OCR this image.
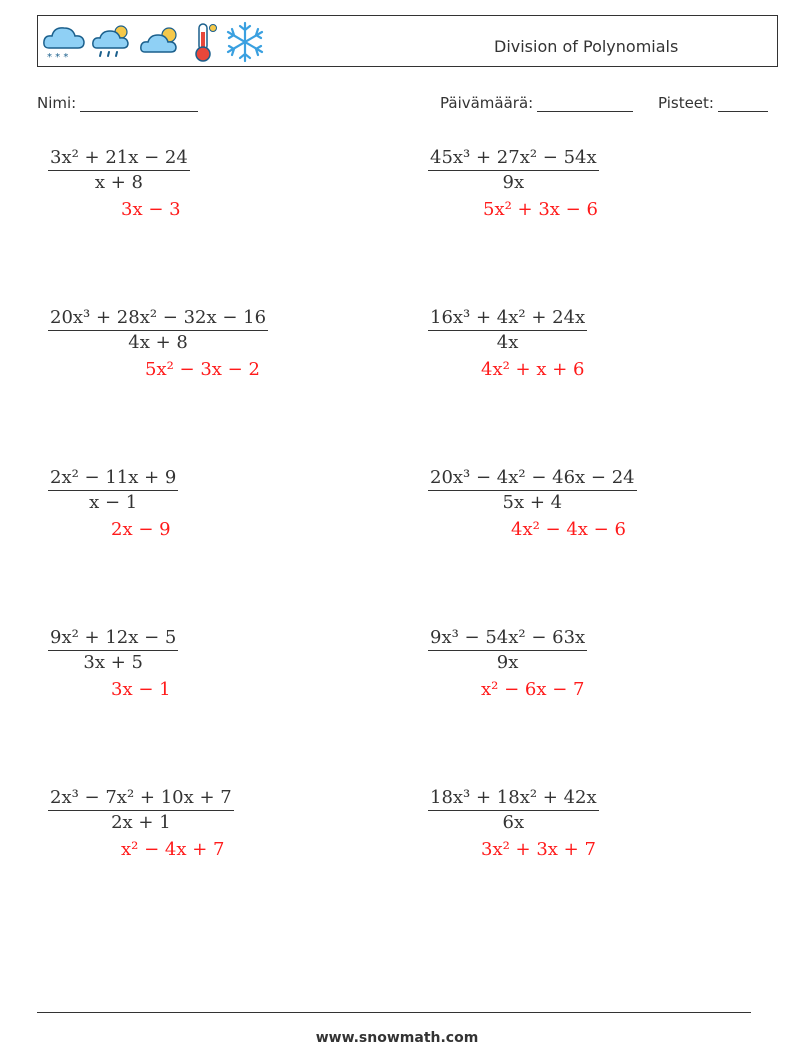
* * *
Division of Polynomials
Nimi:	Päivämäärä:	Pisteet:
$\frac{\text{3x² + 21x − 24}}{x + 8}$
3x − 3
$\frac{\text{45x³ + 27x² − 54x}}{9x}$
5x² + 3x − 6
$\frac{\text{20x³ + 28x² − 32x − 16}}{4x + 8}$
5x² − 3x − 2
$\frac{\text{16x³ + 4x² + 24x}}{4x}$
4x² + x + 6
$\frac{\text{2x² − 11x + 9}}{x - 1}$
2x − 9
$\frac{\text{20x³ − 4x² − 46x − 24}}{5x + 4}$
4x² − 4x − 6
$\frac{\text{9x² + 12x − 5}}{3x + 5}$
3x − 1
$\frac{\text{9x³ − 54x² − 63x}}{9x}$
x² − 6x − 7
$\frac{\text{2x³ − 7x² + 10x + 7}}{2x + 1}$
x² − 4x + 7
$\frac{\text{18x³ + 18x² + 42x}}{6x}$
3x² + 3x + 7
www.snowmath.com
